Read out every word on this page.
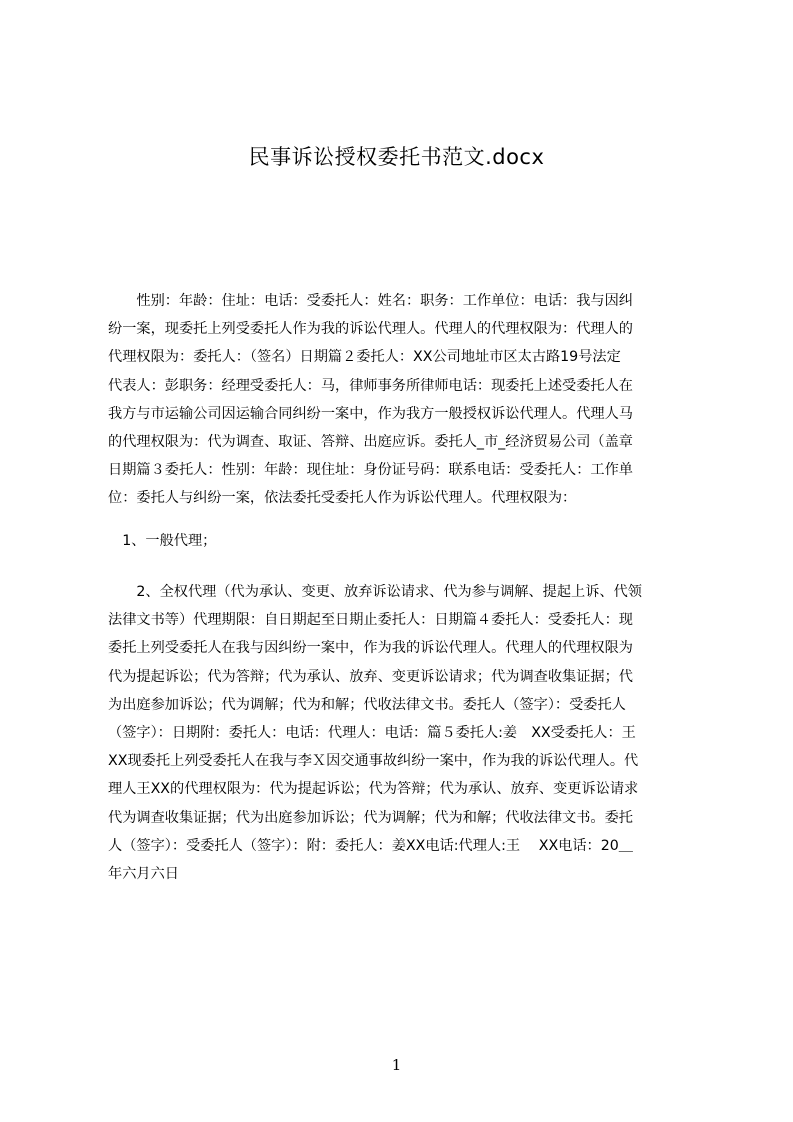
民事诉讼授权委托书范文.docx
　　性别：年龄：住址：电话：受委托人：姓名：职务：工作单位：电话：我与因纠
纷一案，现委托上列受委托人作为我的诉讼代理人。代理人的代理权限为：代理人的
代理权限为：委托人：（签名）日期篇２委托人：XX公司地址市区太古路19号法定
代表人：彭职务：经理受委托人：马，律师事务所律师电话：现委托上述受委托人在
我方与市运输公司因运输合同纠纷一案中，作为我方一般授权诉讼代理人。代理人马
的代理权限为：代为调查、取证、答辩、出庭应诉。委托人_市_经济贸易公司（盖章
日期篇３委托人：性别：年龄：现住址：身份证号码：联系电话：受委托人：工作单
位：委托人与纠纷一案，依法委托受委托人作为诉讼代理人。代理权限为：
　1、一般代理；
　　2、全权代理（代为承认、变更、放弃诉讼请求、代为参与调解、提起上诉、代领
法律文书等）代理期限：自日期起至日期止委托人：日期篇４委托人：受委托人：现
委托上列受委托人在我与因纠纷一案中，作为我的诉讼代理人。代理人的代理权限为
代为提起诉讼；代为答辩；代为承认、放弃、变更诉讼请求；代为调查收集证据；代
为出庭参加诉讼；代为调解；代为和解；代收法律文书。委托人（签字）：受委托人
（签字）：日期附：委托人：电话：代理人：电话：篇５委托人:姜　XX受委托人：王
XX现委托上列受委托人在我与李Ｘ因交通事故纠纷一案中，作为我的诉讼代理人。代
理人王XX的代理权限为：代为提起诉讼；代为答辩；代为承认、放弃、变更诉讼请求
代为调查收集证据；代为出庭参加诉讼；代为调解；代为和解；代收法律文书。委托
人（签字）：受委托人（签字）：附：委托人：姜XX电话:代理人:王　 XX电话：20＿
年六月六日
1
